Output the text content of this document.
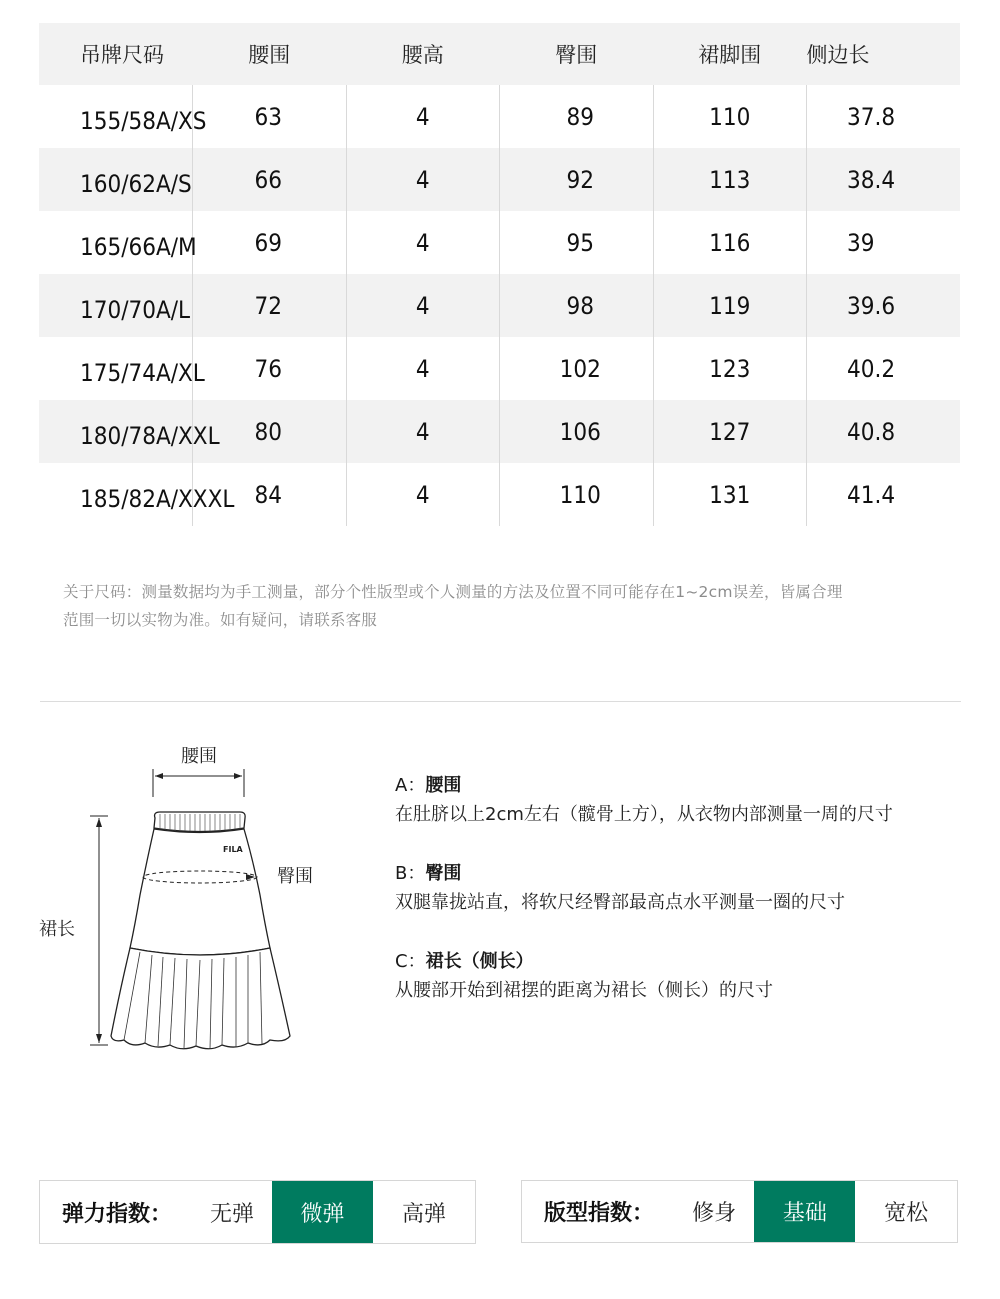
吊牌尺码	腰围	腰高	臀围	裙脚围	侧边长
155/58A/XS	63	4	89	110	37.8
160/62A/S	66	4	92	113	38.4
165/66A/M	69	4	95	116	39
170/70A/L	72	4	98	119	39.6
175/74A/XL	76	4	102	123	40.2
180/78A/XXL	80	4	106	127	40.8
185/82A/XXXL	84	4	110	131	41.4
关于尺码：测量数据均为手工测量，部分个性版型或个人测量的方法及位置不同可能存在1~2cm误差，皆属合理
范围一切以实物为准。如有疑问，请联系客服
FILA
腰围
臀围
裙长
A：腰围
在肚脐以上2cm左右（髋骨上方），从衣物内部测量一周的尺寸
B：臀围
双腿靠拢站直，将软尺经臀部最高点水平测量一圈的尺寸
C：裙长（侧长）
从腰部开始到裙摆的距离为裙长（侧长）的尺寸
弹力指数：	无弹	微弹	高弹	版型指数：	修身	基础	宽松
